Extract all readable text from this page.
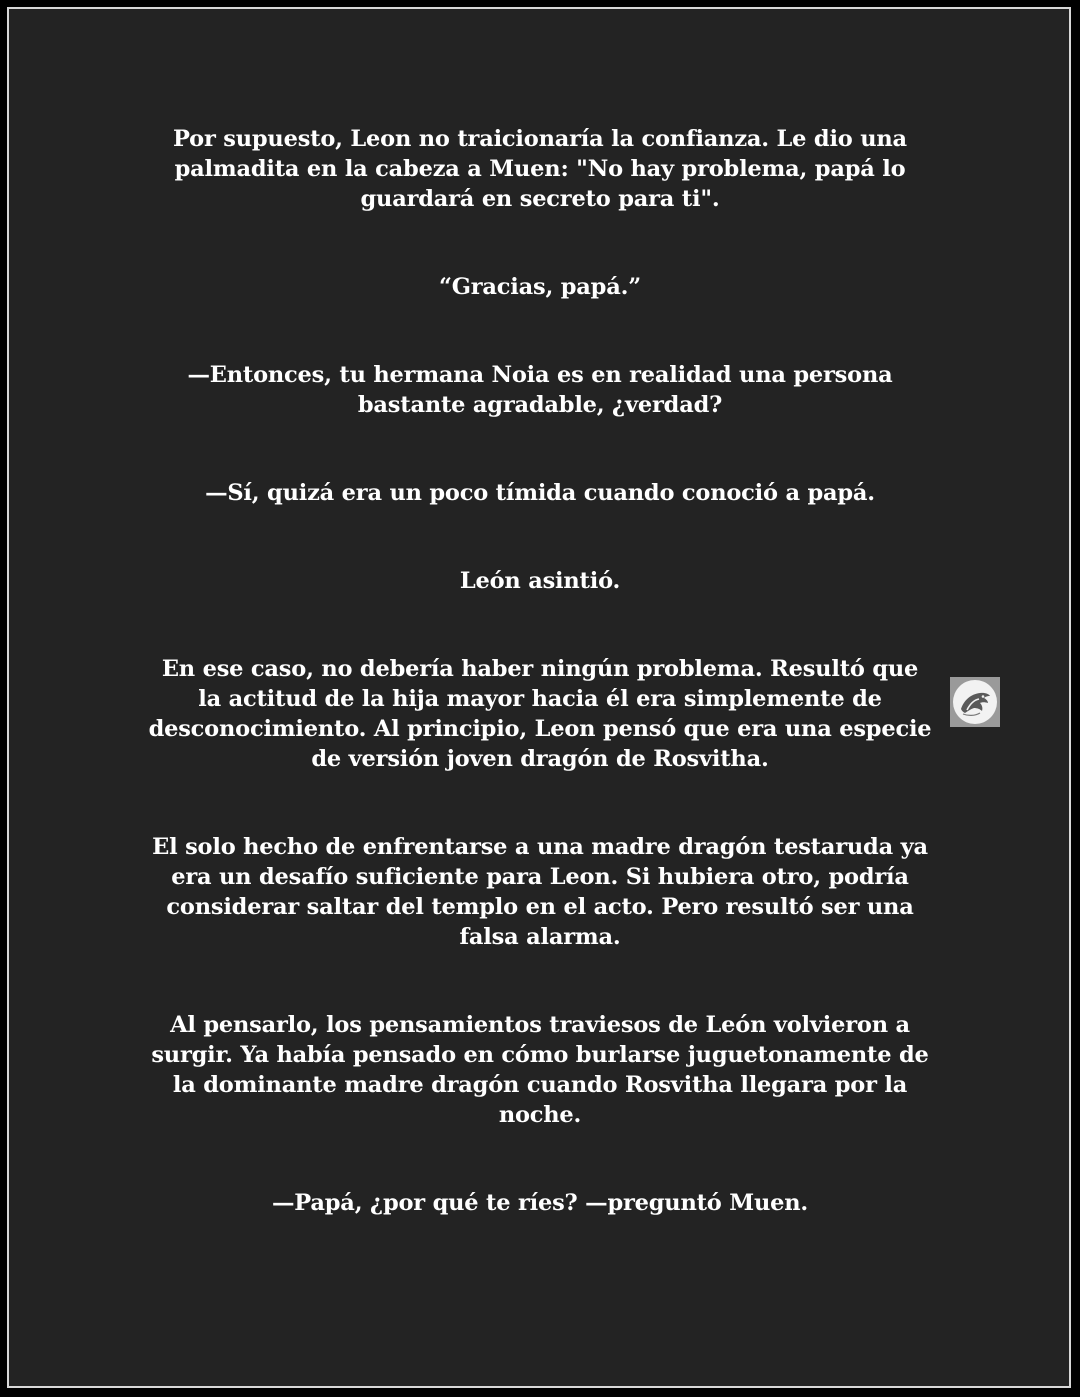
Por supuesto, Leon no traicionaría la confianza. Le dio una palmadita en la cabeza a Muen: "No hay problema, papá lo guardará en secreto para ti".

“Gracias, papá.”

—Entonces, tu hermana Noia es en realidad una persona bastante agradable, ¿verdad?

—Sí, quizá era un poco tímida cuando conoció a papá.

León asintió.

En ese caso, no debería haber ningún problema. Resultó que la actitud de la hija mayor hacia él era simplemente de desconocimiento. Al principio, Leon pensó que era una especie de versión joven dragón de Rosvitha.

El solo hecho de enfrentarse a una madre dragón testaruda ya era un desafío suficiente para Leon. Si hubiera otro, podría considerar saltar del templo en el acto. Pero resultó ser una falsa alarma.

Al pensarlo, los pensamientos traviesos de León volvieron a surgir. Ya había pensado en cómo burlarse juguetonamente de la dominante madre dragón cuando Rosvitha llegara por la noche.

—Papá, ¿por qué te ríes? —preguntó Muen.
